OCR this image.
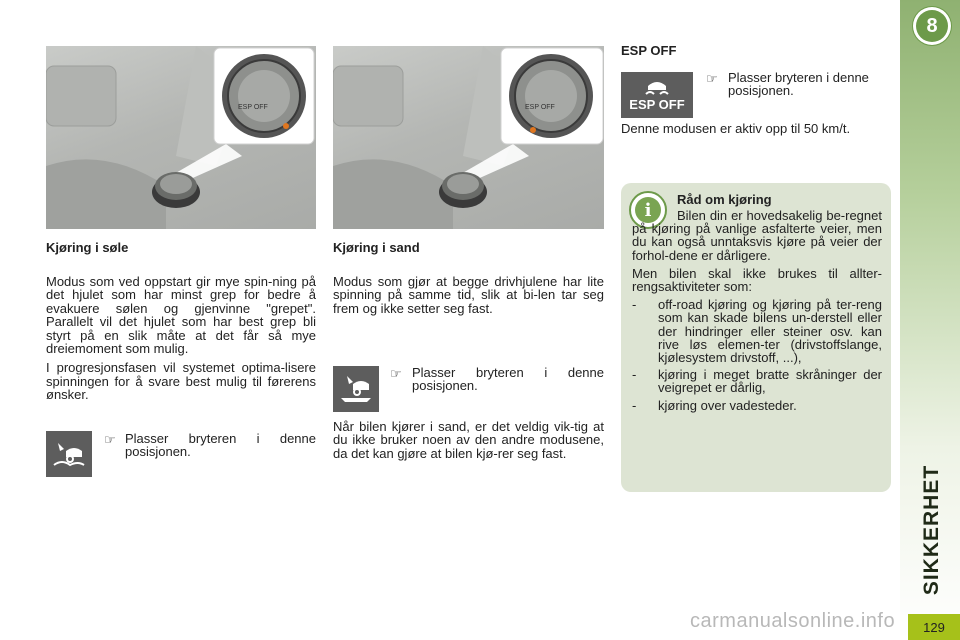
8
SIKKERHET
129
ESP OFF	ESP OFF
Kjøring i søle

Modus som ved oppstart gir mye spin-ning på det hjulet som har minst grep for bedre å evakuere sølen og gjenvinne "grepet". Parallelt vil det hjulet som har best grep bli styrt på en slik måte at det får så mye dreiemoment som mulig.

I progresjonsfasen vil systemet optima-lisere spinningen for å svare best mulig til førerens ønsker.

☞ Plasser bryteren i denne posisjonen.
Kjøring i sand

Modus som gjør at begge drivhjulene har lite spinning på samme tid, slik at bi-len tar seg frem og ikke setter seg fast.

☞ Plasser bryteren i denne posisjonen.

Når bilen kjører i sand, er det veldig vik-tig at du ikke bruker noen av den andre modusene, da det kan gjøre at bilen kjø-rer seg fast.

ESP OFF
ESP OFF
☞ Plasser bryteren i denne posisjonen.
Denne modusen er aktiv opp til 50 km/t.
i	Råd om kjøring

Bilen din er hovedsakelig be-regnet på kjøring på vanlige asfalterte veier, men du kan også unntaksvis kjøre på veier der forhol-dene er dårligere.

Men bilen skal ikke brukes til allter-rengsaktiviteter som:

- off-road kjøring og kjøring på ter-reng som kan skade bilens un-derstell eller der hindringer eller steiner osv. kan rive løs elemen-ter (drivstoffslange, kjølesystem drivstoff, ...),
- kjøring i meget bratte skråninger der veigrepet er dårlig,
- kjøring over vadesteder.
carmanualsonline.info
